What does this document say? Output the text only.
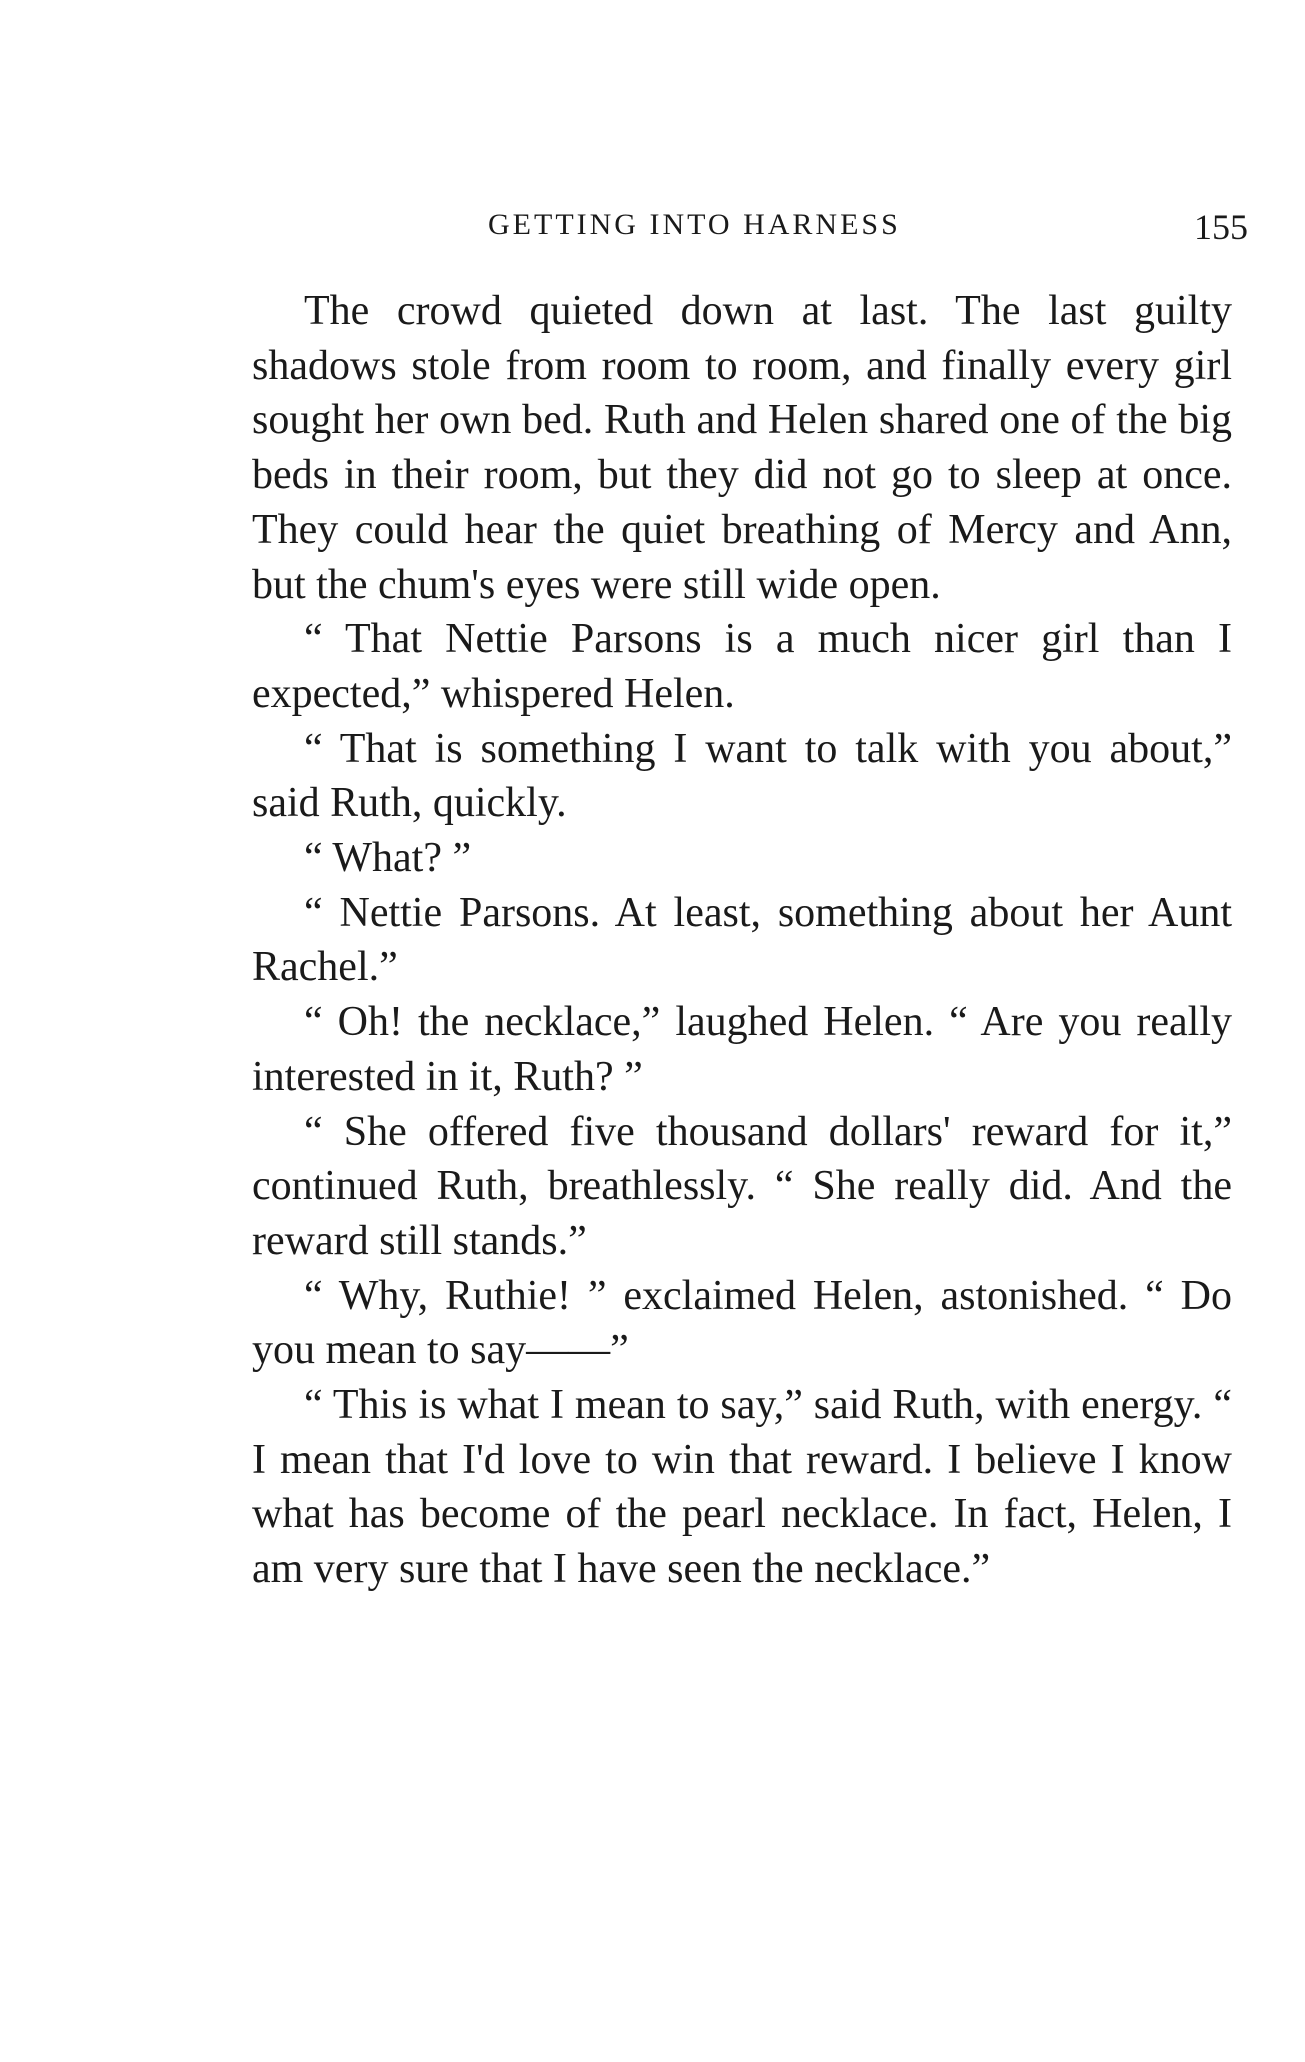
GETTING INTO HARNESS	155

The crowd quieted down at last. The last guilty shadows stole from room to room, and finally every girl sought her own bed. Ruth and Helen shared one of the big beds in their room, but they did not go to sleep at once. They could hear the quiet breathing of Mercy and Ann, but the chum's eyes were still wide open.

“ That Nettie Parsons is a much nicer girl than I expected,” whispered Helen.

“ That is something I want to talk with you about,” said Ruth, quickly.

“ What? ”

“ Nettie Parsons. At least, something about her Aunt Rachel.”

“ Oh! the necklace,” laughed Helen. “ Are you really interested in it, Ruth? ”

“ She offered five thousand dollars' reward for it,” continued Ruth, breathlessly. “ She really did. And the reward still stands.”

“ Why, Ruthie! ” exclaimed Helen, astonished. “ Do you mean to say——”

“ This is what I mean to say,” said Ruth, with energy. “ I mean that I'd love to win that reward. I believe I know what has become of the pearl necklace. In fact, Helen, I am very sure that I have seen the necklace.”
